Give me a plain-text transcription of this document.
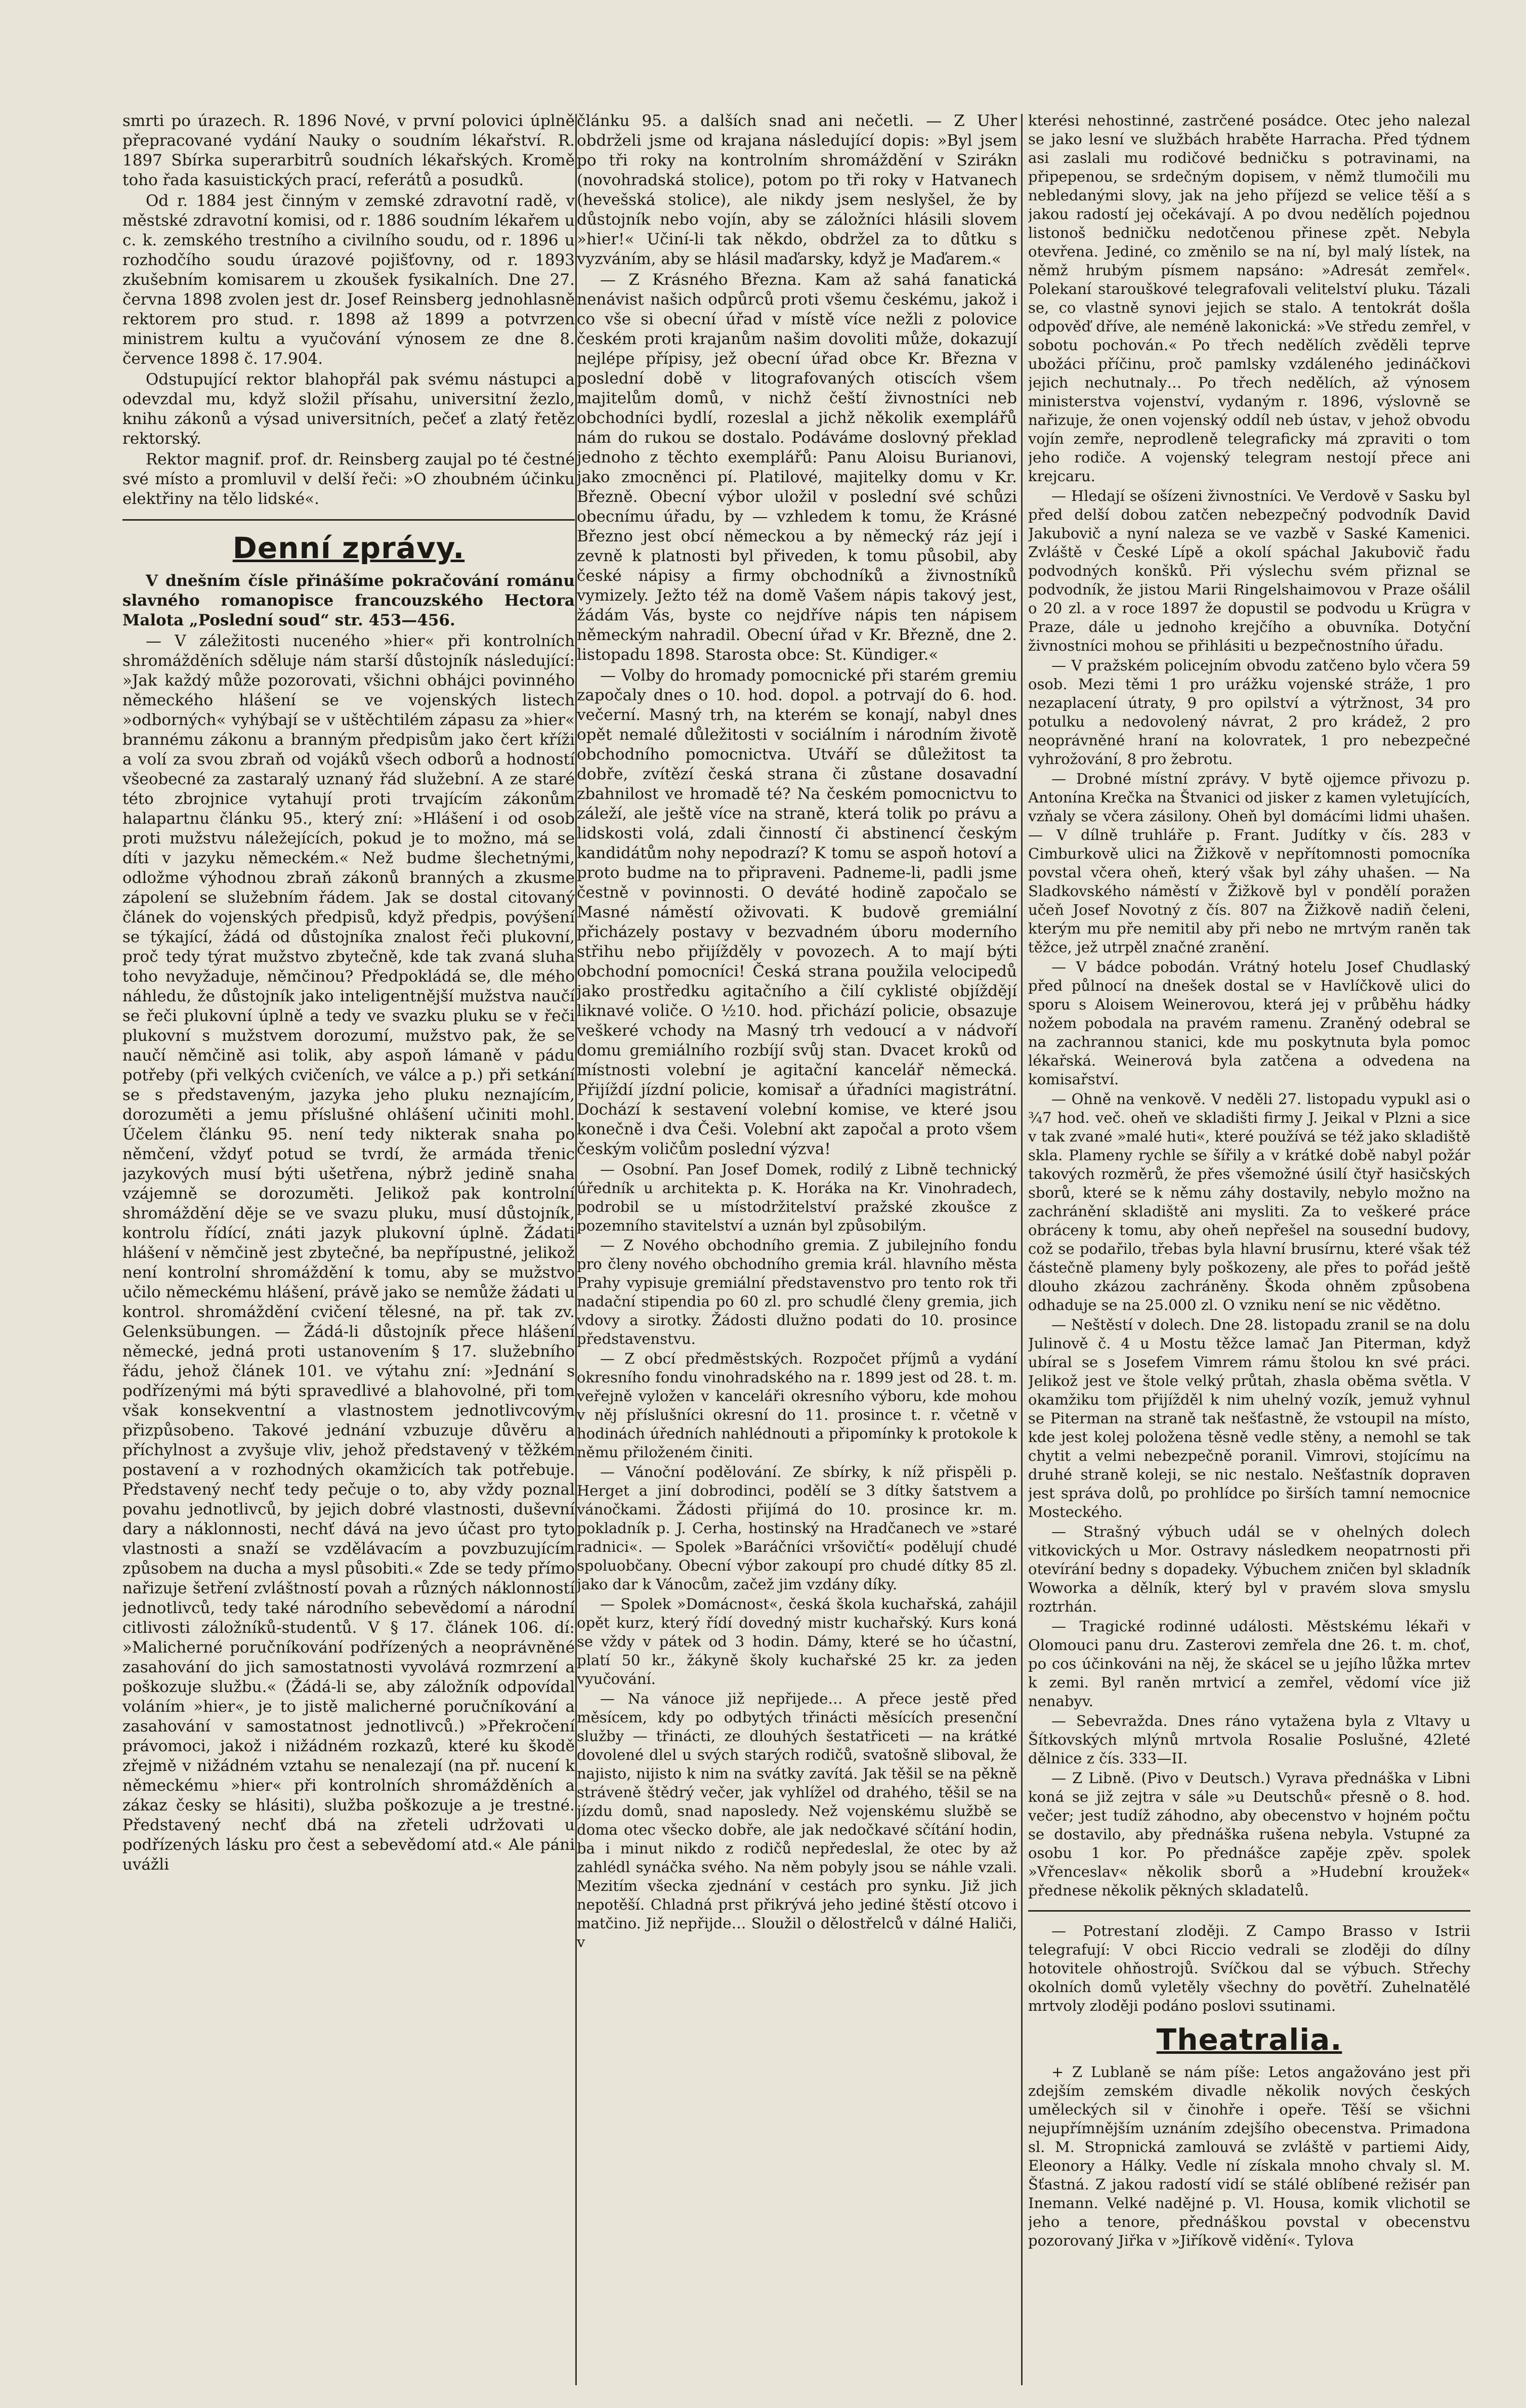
smrti po úrazech. R. 1896 Nové, v první polovici úplně přepracované vydání Nauky o soudním lékařství. R. 1897 Sbírka superarbitrů soudních lékařských. Kromě toho řada kasuistických prací, referátů a posudků.

Od r. 1884 jest činným v zemské zdravotní radě, v městské zdravotní komisi, od r. 1886 soudním lékařem u c. k. zemského trestního a civilního soudu, od r. 1896 u rozhodčího soudu úrazové pojišťovny, od r. 1893 zkušebním komisarem u zkoušek fysikalních. Dne 27. června 1898 zvolen jest dr. Josef Reinsberg jednohlasně rektorem pro stud. r. 1898 až 1899 a potvrzen ministrem kultu a vyučování výnosem ze dne 8. července 1898 č. 17.904.

Odstupující rektor blahopřál pak svému nástupci a odevzdal mu, když složil přísahu, universitní žezlo, knihu zákonů a výsad universitních, pečeť a zlatý řetěz rektorský.

Rektor magnif. prof. dr. Reinsberg zaujal po té čestné své místo a promluvil v delší řeči: »O zhoubném účinku elektřiny na tělo lidské«.

Denní zprávy.

V dnešním čísle přinášíme pokračování románu slavného romanopisce francouzského Hectora Malota „Poslední soud“ str. 453—456.

— V záležitosti nuceného »hier« při kontrolních shromážděních sděluje nám starší důstojník následující: »Jak každý může pozorovati, všichni obhájci povinného německého hlášení se ve vojenských listech »odborných« vyhýbají se v uštěchtilém zápasu za »hier« brannému zákonu a branným předpisům jako čert kříži a volí za svou zbraň od vojáků všech odborů a hodností všeobecné za zastaralý uznaný řád služební. A ze staré této zbrojnice vytahují proti trvajícím zákonům halapartnu článku 95., který zní: »Hlášení i od osob proti mužstvu náležejících, pokud je to možno, má se díti v jazyku německém.« Než budme šlechetnými, odložme výhodnou zbraň zákonů branných a zkusme zápolení se služebním řádem. Jak se dostal citovaný článek do vojenských předpisů, když předpis, povýšení se týkající, žádá od důstojníka znalost řeči plukovní, proč tedy týrat mužstvo zbytečně, kde tak zvaná sluha toho nevyžaduje, němčinou? Předpokládá se, dle mého náhledu, že důstojník jako inteligentnější mužstva naučí se řeči plukovní úplně a tedy ve svazku pluku se v řeči plukovní s mužstvem dorozumí, mužstvo pak, že se naučí němčině asi tolik, aby aspoň lámaně v pádu potřeby (při velkých cvičeních, ve válce a p.) při setkání se s představeným, jazyka jeho pluku neznajícím, dorozuměti a jemu příslušné ohlášení učiniti mohl. Účelem článku 95. není tedy nikterak snaha po němčení, vždyť potud se tvrdí, že armáda třenic jazykových musí býti ušetřena, nýbrž jedině snaha vzájemně se dorozuměti. Jelikož pak kontrolní shromáždění děje se ve svazu pluku, musí důstojník, kontrolu řídící, znáti jazyk plukovní úplně. Žádati hlášení v němčině jest zbytečné, ba nepřípustné, jelikož není kontrolní shromáždění k tomu, aby se mužstvo učilo německému hlášení, právě jako se nemůže žádati u kontrol. shromáždění cvičení tělesné, na př. tak zv. Gelenksübungen. — Žádá-li důstojník přece hlášení německé, jedná proti ustanovením § 17. služebního řádu, jehož článek 101. ve výtahu zní: »Jednání s podřízenými má býti spravedlivé a blahovolné, při tom však konsekventní a vlastnostem jednotlivcovým přizpůsobeno. Takové jednání vzbuzuje důvěru a příchylnost a zvyšuje vliv, jehož představený v těžkém postavení a v rozhodných okamžicích tak potřebuje. Představený nechť tedy pečuje o to, aby vždy poznal povahu jednotlivců, by jejich dobré vlastnosti, duševní dary a náklonnosti, nechť dává na jevo účast pro tyto vlastnosti a snaží se vzdělávacím a povzbuzujícím způsobem na ducha a mysl působiti.« Zde se tedy přímo nařizuje šetření zvláštností povah a různých náklonností jednotlivců, tedy také národního sebevědomí a národní citlivosti záložníků-studentů. V § 17. článek 106. dí: »Malicherné poručníkování podřízených a neoprávněné zasahování do jich samostatnosti vyvolává rozmrzení a poškozuje službu.« (Žádá-li se, aby záložník odpovídal voláním »hier«, je to jistě malicherné poručníkování a zasahování v samostatnost jednotlivců.) »Překročení právomoci, jakož i nižádném rozkazů, které ku škodě zřejmě v nižádném vztahu se nenalezají (na př. nucení k německému »hier« při kontrolních shromážděních a zákaz česky se hlásiti), služba poškozuje a je trestné. Představený nechť dbá na zřeteli udržovati u podřízených lásku pro čest a sebevědomí atd.« Ale páni uvážli

článku 95. a dalších snad ani nečetli. — Z Uher obdrželi jsme od krajana následující dopis: »Byl jsem po tři roky na kontrolním shromáždění v Szirákn (novohradská stolice), potom po tři roky v Hatvanech (hevešská stolice), ale nikdy jsem neslyšel, že by důstojník nebo vojín, aby se záložníci hlásili slovem »hier!« Učiní-li tak někdo, obdržel za to důtku s vyzváním, aby se hlásil maďarsky, když je Maďarem.«

— Z Krásného Března. Kam až sahá fanatická nenávist našich odpůrců proti všemu českému, jakož i co vše si obecní úřad v místě více nežli z polovice českém proti krajanům našim dovoliti může, dokazují nejlépe přípisy, jež obecní úřad obce Kr. Března v poslední době v litografovaných otiscích všem majitelům domů, v nichž čeští živnostníci neb obchodníci bydlí, rozeslal a jichž několik exemplářů nám do rukou se dostalo. Podáváme doslovný překlad jednoho z těchto exemplářů: Panu Aloisu Burianovi, jako zmocněnci pí. Platilové, majitelky domu v Kr. Březně. Obecní výbor uložil v poslední své schůzi obecnímu úřadu, by — vzhledem k tomu, že Krásné Březno jest obcí německou a by německý ráz její i zevně k platnosti byl přiveden, k tomu působil, aby české nápisy a firmy obchodníků a živnostníků vymizely. Ježto též na domě Vašem nápis takový jest, žádám Vás, byste co nejdříve nápis ten nápisem německým nahradil. Obecní úřad v Kr. Březně, dne 2. listopadu 1898. Starosta obce: St. Kündiger.«

— Volby do hromady pomocnické při starém gremiu započaly dnes o 10. hod. dopol. a potrvají do 6. hod. večerní. Masný trh, na kterém se konají, nabyl dnes opět nemalé důležitosti v sociálním i národním životě obchodního pomocnictva. Utváří se důležitost ta dobře, zvítězí česká strana či zůstane dosavadní zbahnilost ve hromadě té? Na českém pomocnictvu to záleží, ale ještě více na straně, která tolik po právu a lidskosti volá, zdali činností či abstinencí českým kandidátům nohy nepodrazí? K tomu se aspoň hotoví a proto budme na to připraveni. Padneme-li, padli jsme čestně v povinnosti. O deváté hodině započalo se Masné náměstí oživovati. K budově gremiální přicházely postavy v bezvadném úboru moderního střihu nebo přijížděly v povozech. A to mají býti obchodní pomocníci! Česká strana použila velocipedů jako prostředku agitačního a čilí cyklisté objíždějí liknavé voliče. O ½10. hod. přichází policie, obsazuje veškeré vchody na Masný trh vedoucí a v nádvoří domu gremiálního rozbíjí svůj stan. Dvacet kroků od místnosti volební je agitační kancelář německá. Přijíždí jízdní policie, komisař a úřadníci magistrátní. Dochází k sestavení volební komise, ve které jsou konečně i dva Češi. Volební akt započal a proto všem českým voličům poslední výzva!

— Osobní. Pan Josef Domek, rodilý z Libně technický úředník u architekta p. K. Horáka na Kr. Vinohradech, podrobil se u místodržitelství pražské zkoušce z pozemního stavitelství a uznán byl způsobilým.

— Z Nového obchodního gremia. Z jubilejního fondu pro členy nového obchodního gremia král. hlavního města Prahy vypisuje gremiální představenstvo pro tento rok tři nadační stipendia po 60 zl. pro schudlé členy gremia, jich vdovy a sirotky. Žádosti dlužno podati do 10. prosince představenstvu.

— Z obcí předměstských. Rozpočet příjmů a vydání okresního fondu vinohradského na r. 1899 jest od 28. t. m. veřejně vyložen v kanceláři okresního výboru, kde mohou v něj příslušníci okresní do 11. prosince t. r. včetně v hodinách úředních nahlédnouti a připomínky k protokole k němu přiloženém činiti.

— Vánoční podělování. Ze sbírky, k níž přispěli p. Herget a jiní dobrodinci, podělí se 3 dítky šatstvem a vánočkami. Žádosti přijímá do 10. prosince kr. m. pokladník p. J. Cerha, hostinský na Hradčanech ve »staré radnici«. — Spolek »Baráčníci vršovičtí« podělují chudé spoluobčany. Obecní výbor zakoupí pro chudé dítky 85 zl. jako dar k Vánocům, začež jim vzdány díky.

— Spolek »Domácnost«, česká škola kuchařská, zahájil opět kurz, který řídí dovedný mistr kuchařský. Kurs koná se vždy v pátek od 3 hodin. Dámy, které se ho účastní, platí 50 kr., žákyně školy kuchařské 25 kr. za jeden vyučování.

— Na vánoce již nepřijede… A přece jestě před měsícem, kdy po odbytých třinácti měsících presenční služby — třinácti, ze dlouhých šestatřiceti — na krátké dovolené dlel u svých starých rodičů, svatošně sliboval, že najisto, nijisto k nim na svátky zavítá. Jak těšil se na pěkně stráveně štědrý večer, jak vyhlížel od drahého, těšil se na jízdu domů, snad naposledy. Než vojenskému službě se doma otec všecko dobře, ale jak nedočkavé sčítání hodin, ba i minut nikdo z rodičů nepředeslal, že otec by až zahlédl synáčka svého. Na něm pobyly jsou se náhle vzali. Mezitím všecka zjednání v cestách pro synku. Již jich nepotěší. Chladná prst přikrývá jeho jediné štěstí otcovo i matčino. Již nepřijde… Sloužil o dělostřelců v dálné Haliči, v

kterési nehostinné, zastrčené posádce. Otec jeho nalezal se jako lesní ve službách hraběte Harracha. Před týdnem asi zaslali mu rodičové bedničku s potravinami, na připepenou, se srdečným dopisem, v němž tlumočili mu nebledanými slovy, jak na jeho příjezd se velice těší a s jakou radostí jej očekávají. A po dvou nedělích pojednou listonoš bedničku nedotčenou přinese zpět. Nebyla otevřena. Jediné, co změnilo se na ní, byl malý lístek, na němž hrubým písmem napsáno: »Adresát zemřel«. Polekaní starouškové telegrafovali velitelství pluku. Tázali se, co vlastně synovi jejich se stalo. A tentokrát došla odpověď dříve, ale neméně lakonická: »Ve středu zemřel, v sobotu pochován.« Po třech nedělích zvěděli teprve ubožáci příčinu, proč pamlsky vzdáleného jedináčkovi jejich nechutnaly… Po třech nedělích, až výnosem ministerstva vojenství, vydaným r. 1896, výslovně se nařizuje, že onen vojenský oddíl neb ústav, v jehož obvodu vojín zemře, neprodleně telegraficky má zpraviti o tom jeho rodiče. A vojenský telegram nestojí přece ani krejcaru.

— Hledají se ošízeni živnostníci. Ve Verdově v Sasku byl před delší dobou zatčen nebezpečný podvodník David Jakubovič a nyní naleza se ve vazbě v Saské Kamenici. Zvláště v České Lípě a okolí spáchal Jakubovič řadu podvodných konšků. Při výslechu svém přiznal se podvodník, že jistou Marii Ringelshaimovou v Praze ošálil o 20 zl. a v roce 1897 že dopustil se podvodu u Krügra v Praze, dále u jednoho krejčího a obuvníka. Dotyční živnostníci mohou se přihlásiti u bezpečnostního úřadu.

— V pražském policejním obvodu zatčeno bylo včera 59 osob. Mezi těmi 1 pro urážku vojenské stráže, 1 pro nezaplacení útraty, 9 pro opilství a výtržnost, 34 pro potulku a nedovolený návrat, 2 pro krádež, 2 pro neoprávněné hraní na kolovratek, 1 pro nebezpečné vyhrožování, 8 pro žebrotu.

— Drobné místní zprávy. V bytě ojjemce přivozu p. Antonína Krečka na Štvanici od jisker z kamen vyletujících, vzňaly se včera zásilony. Oheň byl domácími lidmi uhašen. — V dílně truhláře p. Frant. Judítky v čís. 283 v Cimburkově ulici na Žižkově v nepřítomnosti pomocníka povstal včera oheň, který však byl záhy uhašen. — Na Sladkovského náměstí v Žižkově byl v pondělí poražen učeň Josef Novotný z čís. 807 na Žižkově nadiň čeleni, kterým mu pře nemitil aby při nebo ne mrtvým raněn tak těžce, jež utrpěl značné zranění.

— V bádce pobodán. Vrátný hotelu Josef Chudlaský před půlnocí na dnešek dostal se v Havlíčkově ulici do sporu s Aloisem Weinerovou, která jej v průběhu hádky nožem pobodala na pravém ramenu. Zraněný odebral se na zachrannou stanici, kde mu poskytnuta byla pomoc lékařská. Weinerová byla zatčena a odvedena na komisařství.

— Ohně na venkově. V neděli 27. listopadu vypukl asi o ¾7 hod. več. oheň ve skladišti firmy J. Jeikal v Plzni a sice v tak zvané »malé huti«, které používá se též jako skladiště skla. Plameny rychle se šířily a v krátké době nabyl požár takových rozměrů, že přes všemožné úsilí čtyř hasičských sborů, které se k němu záhy dostavily, nebylo možno na zachránění skladiště ani mysliti. Za to veškeré práce obráceny k tomu, aby oheň nepřešel na sousední budovy, což se podařilo, třebas byla hlavní brusírnu, které však též částečně plameny byly poškozeny, ale přes to pořád ještě dlouho zkázou zachráněny. Škoda ohněm způsobena odhaduje se na 25.000 zl. O vzniku není se nic vědětno.

— Neštěstí v dolech. Dne 28. listopadu zranil se na dolu Julinově č. 4 u Mostu těžce lamač Jan Piterman, když ubíral se s Josefem Vimrem rámu štolou kn své práci. Jelikož jest ve štole velký průtah, zhasla oběma světla. V okamžiku tom přijížděl k nim uhelný vozík, jemuž vyhnul se Piterman na straně tak nešťastně, že vstoupil na místo, kde jest kolej položena těsně vedle stěny, a nemohl se tak chytit a velmi nebezpečně poranil. Vimrovi, stojícímu na druhé straně koleji, se nic nestalo. Nešťastník dopraven jest správa dolů, po prohlídce po širších tamní nemocnice Mosteckého.

— Strašný výbuch udál se v ohelných dolech vitkovických u Mor. Ostravy následkem neopatrnosti při otevírání bedny s dopadeky. Výbuchem zničen byl skladník Woworka a dělník, který byl v pravém slova smyslu roztrhán.

— Tragické rodinné události. Městskému lékaři v Olomouci panu dru. Zasterovi zemřela dne 26. t. m. choť, po cos účinkováni na něj, že skácel se u jejího lůžka mrtev k zemi. Byl raněn mrtvicí a zemřel, vědomí více již nenabyv.

— Sebevražda. Dnes ráno vytažena byla z Vltavy u Šítkovských mlýnů mrtvola Rosalie Poslušné, 42leté dělnice z čís. 333—II.

— Z Libně. (Pivo v Deutsch.) Vyrava přednáška v Libni koná se již zejtra v sále »u Deutschů« přesně o 8. hod. večer; jest tudíž záhodno, aby obecenstvo v hojném počtu se dostavilo, aby přednáška rušena nebyla. Vstupné za osobu 1 kor. Po přednášce zapěje zpěv. spolek »Vřenceslav« několik sborů a »Hudební kroužek« přednese několik pěkných skladatelů.

— Potrestaní zloději. Z Campo Brasso v Istrii telegrafují: V obci Riccio vedrali se zloději do dílny hotovitele ohňostrojů. Svíčkou dal se výbuch. Střechy okolních domů vyletěly všechny do povětří. Zuhelnatělé mrtvoly zloději podáno poslovi ssutinami.

Theatralia.

+ Z Lublaně se nám píše: Letos angažováno jest při zdejším zemském divadle několik nových českých uměleckých sil v činohře i opeře. Těší se všichni nejupřímnějším uznáním zdejšího obecenstva. Primadona sl. M. Stropnická zamlouvá se zvláště v partiemi Aidy, Eleonory a Hálky. Vedle ní získala mnoho chvaly sl. M. Šťastná. Z jakou radostí vidí se stálé oblíbené režisér pan Inemann. Velké nadějné p. Vl. Housa, komik vlichotil se jeho a tenore, přednáškou povstal v obecenstvu pozorovaný Jiřka v »Jiříkově vidění«. Tylova
